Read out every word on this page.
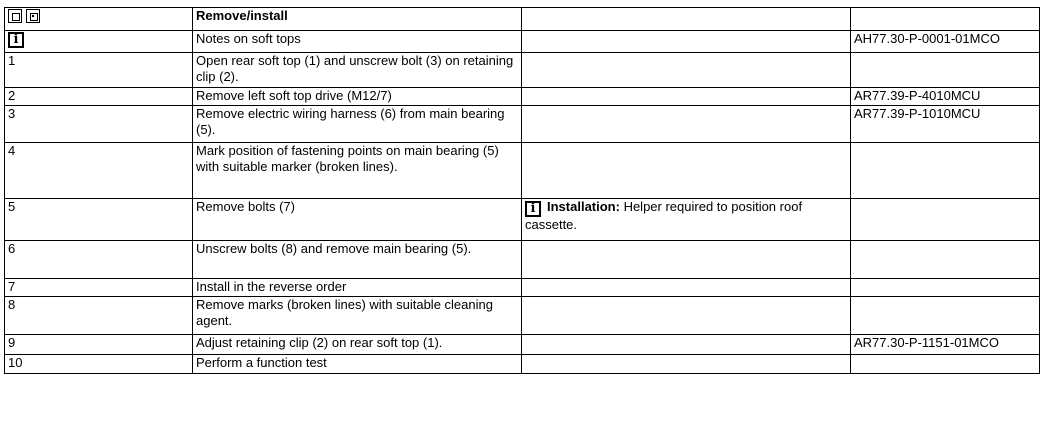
	Remove/install		
i	Notes on soft tops		AH77.30-P-0001-01MCO
1	Open rear soft top (1) and unscrew bolt (3) on retaining clip (2).		
2	Remove left soft top drive (M12/7)		AR77.39-P-4010MCU
3	Remove electric wiring harness (6) from main bearing (5).		AR77.39-P-1010MCU
4	Mark position of fastening points on main bearing (5) with suitable marker (broken lines).		
5	Remove bolts (7)	iInstallation: Helper required to position roof cassette.	
6	Unscrew bolts (8) and remove main bearing (5).		
7	Install in the reverse order		
8	Remove marks (broken lines) with suitable cleaning agent.		
9	Adjust retaining clip (2) on rear soft top (1).		AR77.30-P-1151-01MCO
10	Perform a function test		
